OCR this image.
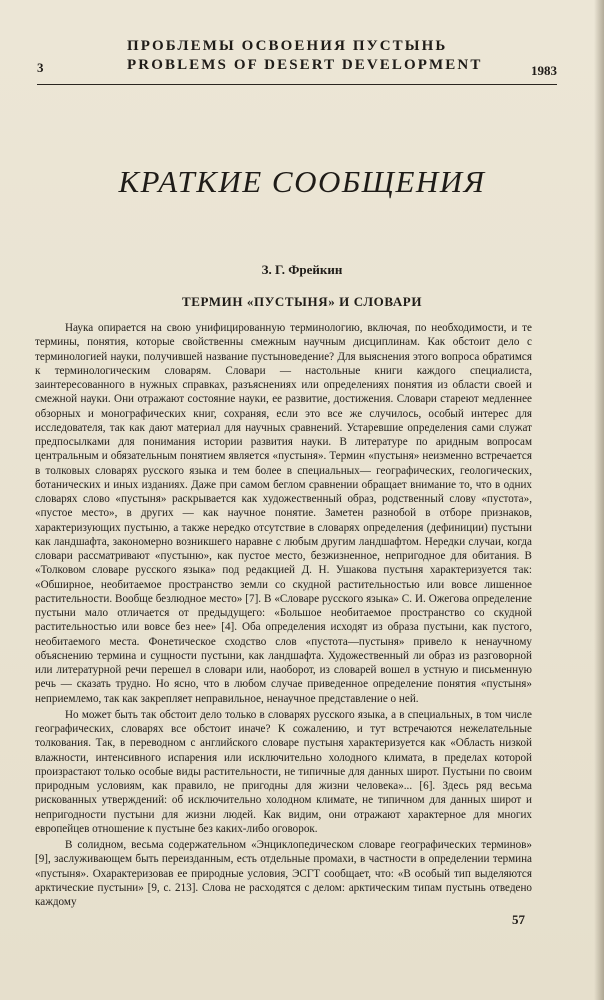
ПРОБЛЕМЫ ОСВОЕНИЯ ПУСТЫНЬ
3	PROBLEMS OF DESERT DEVELOPMENT	1983
КРАТКИЕ СООБЩЕНИЯ
З. Г. Фрейкин
ТЕРМИН «ПУСТЫНЯ» И СЛОВАРИ

Наука опирается на свою унифицированную терминологию, включая, по необходимости, и те термины, понятия, которые свойственны смежным научным дисциплинам. Как обстоит дело с терминологией науки, получившей название пустыноведение? Для выяснения этого вопроса обратимся к терминологическим словарям. Словари — настольные книги каждого специалиста, заинтересованного в нужных справках, разъяснениях или определениях понятия из области своей и смежной науки. Они отражают состояние науки, ее развитие, достижения. Словари стареют медленнее обзорных и монографических книг, сохраняя, если это все же случилось, особый интерес для исследователя, так как дают материал для научных сравнений. Устаревшие определения сами служат предпосылками для понимания истории развития науки. В литературе по аридным вопросам центральным и обязательным понятием является «пустыня». Термин «пустыня» неизменно встречается в толковых словарях русского языка и тем более в специальных— географических, геологических, ботанических и иных изданиях. Даже при самом беглом сравнении обращает внимание то, что в одних словарях слово «пустыня» раскрывается как художественный образ, родственный слову «пустота», «пустое место», в других — как научное понятие. Заметен разнобой в отборе признаков, характеризующих пустыню, а также нередко отсутствие в словарях определения (дефиниции) пустыни как ландшафта, закономерно возникшего наравне с любым другим ландшафтом. Нередки случаи, когда словари рассматривают «пустыню», как пустое место, безжизненное, непригодное для обитания. В «Толковом словаре русского языка» под редакцией Д. Н. Ушакова пустыня характеризуется так: «Обширное, необитаемое пространство земли со скудной растительностью или вовсе лишенное растительности. Вообще безлюдное место» [7]. В «Словаре русского языка» С. И. Ожегова определение пустыни мало отличается от предыдущего: «Большое необитаемое пространство со скудной растительностью или вовсе без нее» [4]. Оба определения исходят из образа пустыни, как пустого, необитаемого места. Фонетическое сходство слов «пустота—пустыня» привело к ненаучному объяснению термина и сущности пустыни, как ландшафта. Художественный ли образ из разговорной или литературной речи перешел в словари или, наоборот, из словарей вошел в устную и письменную речь — сказать трудно. Но ясно, что в любом случае приведенное определение понятия «пустыня» неприемлемо, так как закрепляет неправильное, ненаучное представление о ней.

Но может быть так обстоит дело только в словарях русского языка, а в специальных, в том числе географических, словарях все обстоит иначе? К сожалению, и тут встречаются нежелательные толкования. Так, в переводном с английского словаре пустыня характеризуется как «Область низкой влажности, интенсивного испарения или исключительно холодного климата, в пределах которой произрастают только особые виды растительности, не типичные для данных широт. Пустыни по своим природным условиям, как правило, не пригодны для жизни человека»... [6]. Здесь ряд весьма рискованных утверждений: об исключительно холодном климате, не типичном для данных широт и непригодности пустыни для жизни людей. Как видим, они отражают характерное для многих европейцев отношение к пустыне без каких-либо оговорок.

В солидном, весьма содержательном «Энциклопедическом словаре географических терминов» [9], заслуживающем быть переизданным, есть отдельные промахи, в частности в определении термина «пустыня». Охарактеризовав ее природные условия, ЭСГТ сообщает, что: «В особый тип выделяются арктические пустыни» [9, с. 213]. Слова не расходятся с делом: арктическим типам пустынь отведено каждому

57
